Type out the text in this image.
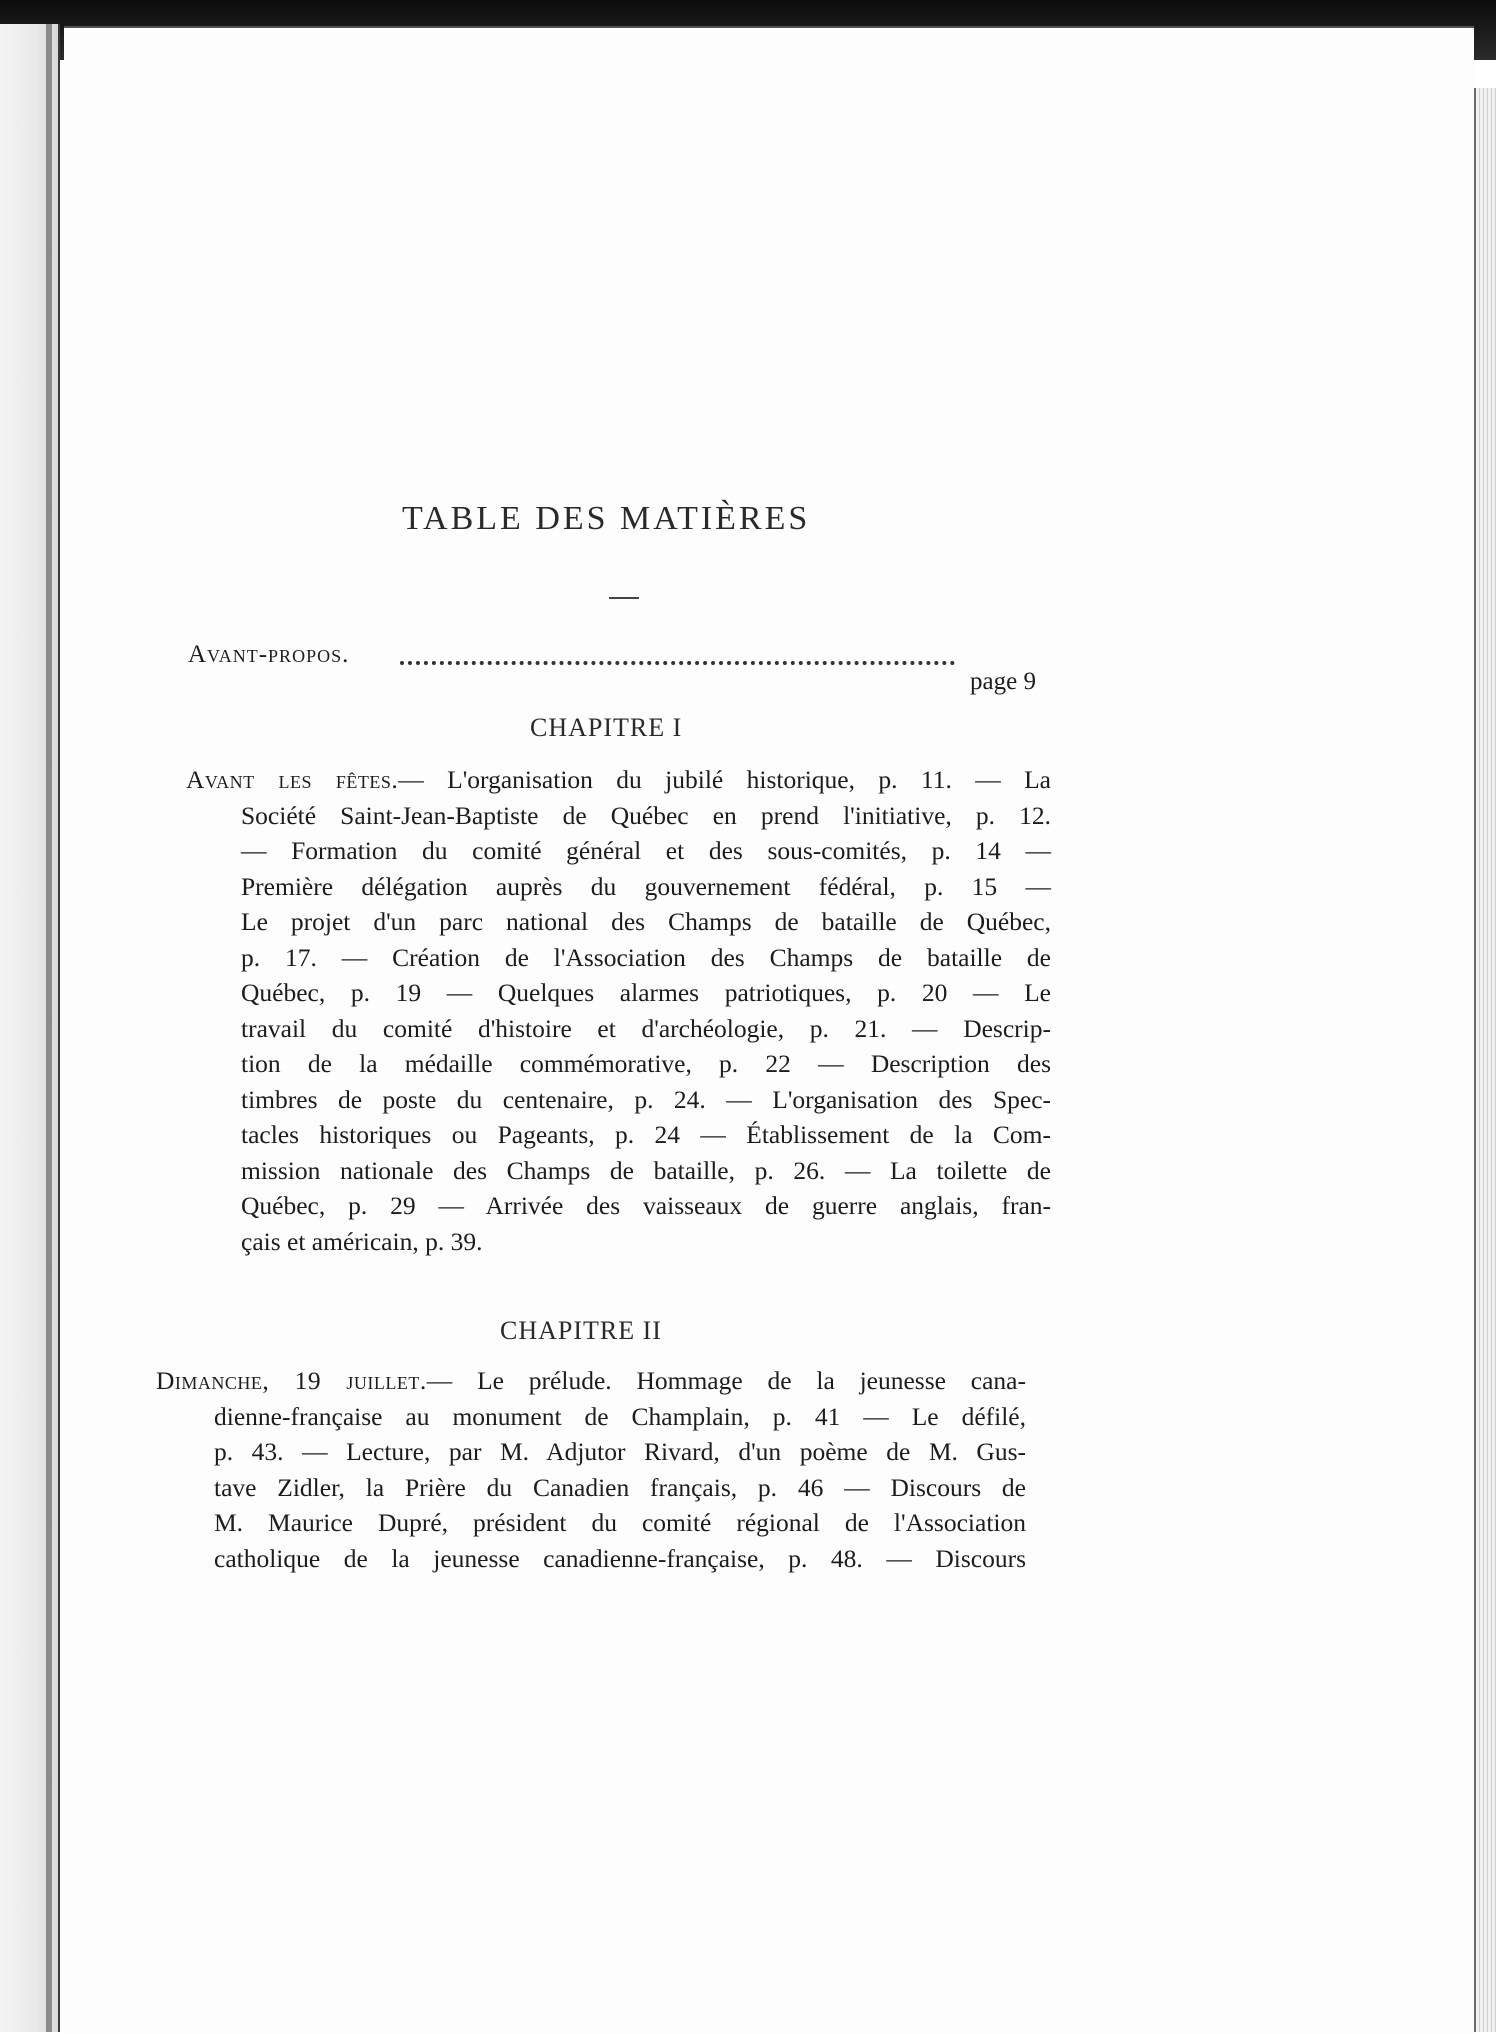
TABLE DES MATIÈRES
Avant-propos.
page 9
CHAPITRE I
Avant les fêtes.— L'organisation du jubilé historique, p. 11. — La
Société Saint-Jean-Baptiste de Québec en prend l'initiative, p. 12.
— Formation du comité général et des sous-comités, p. 14 —
Première délégation auprès du gouvernement fédéral, p. 15 —
Le projet d'un parc national des Champs de bataille de Québec,
p. 17. — Création de l'Association des Champs de bataille de
Québec, p. 19 — Quelques alarmes patriotiques, p. 20 — Le
travail du comité d'histoire et d'archéologie, p. 21. — Descrip-
tion de la médaille commémorative, p. 22 — Description des
timbres de poste du centenaire, p. 24. — L'organisation des Spec-
tacles historiques ou Pageants, p. 24 — Établissement de la Com-
mission nationale des Champs de bataille, p. 26. — La toilette de
Québec, p. 29 — Arrivée des vaisseaux de guerre anglais, fran-
çais et américain, p. 39.
CHAPITRE II
Dimanche, 19 juillet.— Le prélude. Hommage de la jeunesse cana-
dienne-française au monument de Champlain, p. 41 — Le défilé,
p. 43. — Lecture, par M. Adjutor Rivard, d'un poème de M. Gus-
tave Zidler, la Prière du Canadien français, p. 46 — Discours de
M. Maurice Dupré, président du comité régional de l'Association
catholique de la jeunesse canadienne-française, p. 48. — Discours
